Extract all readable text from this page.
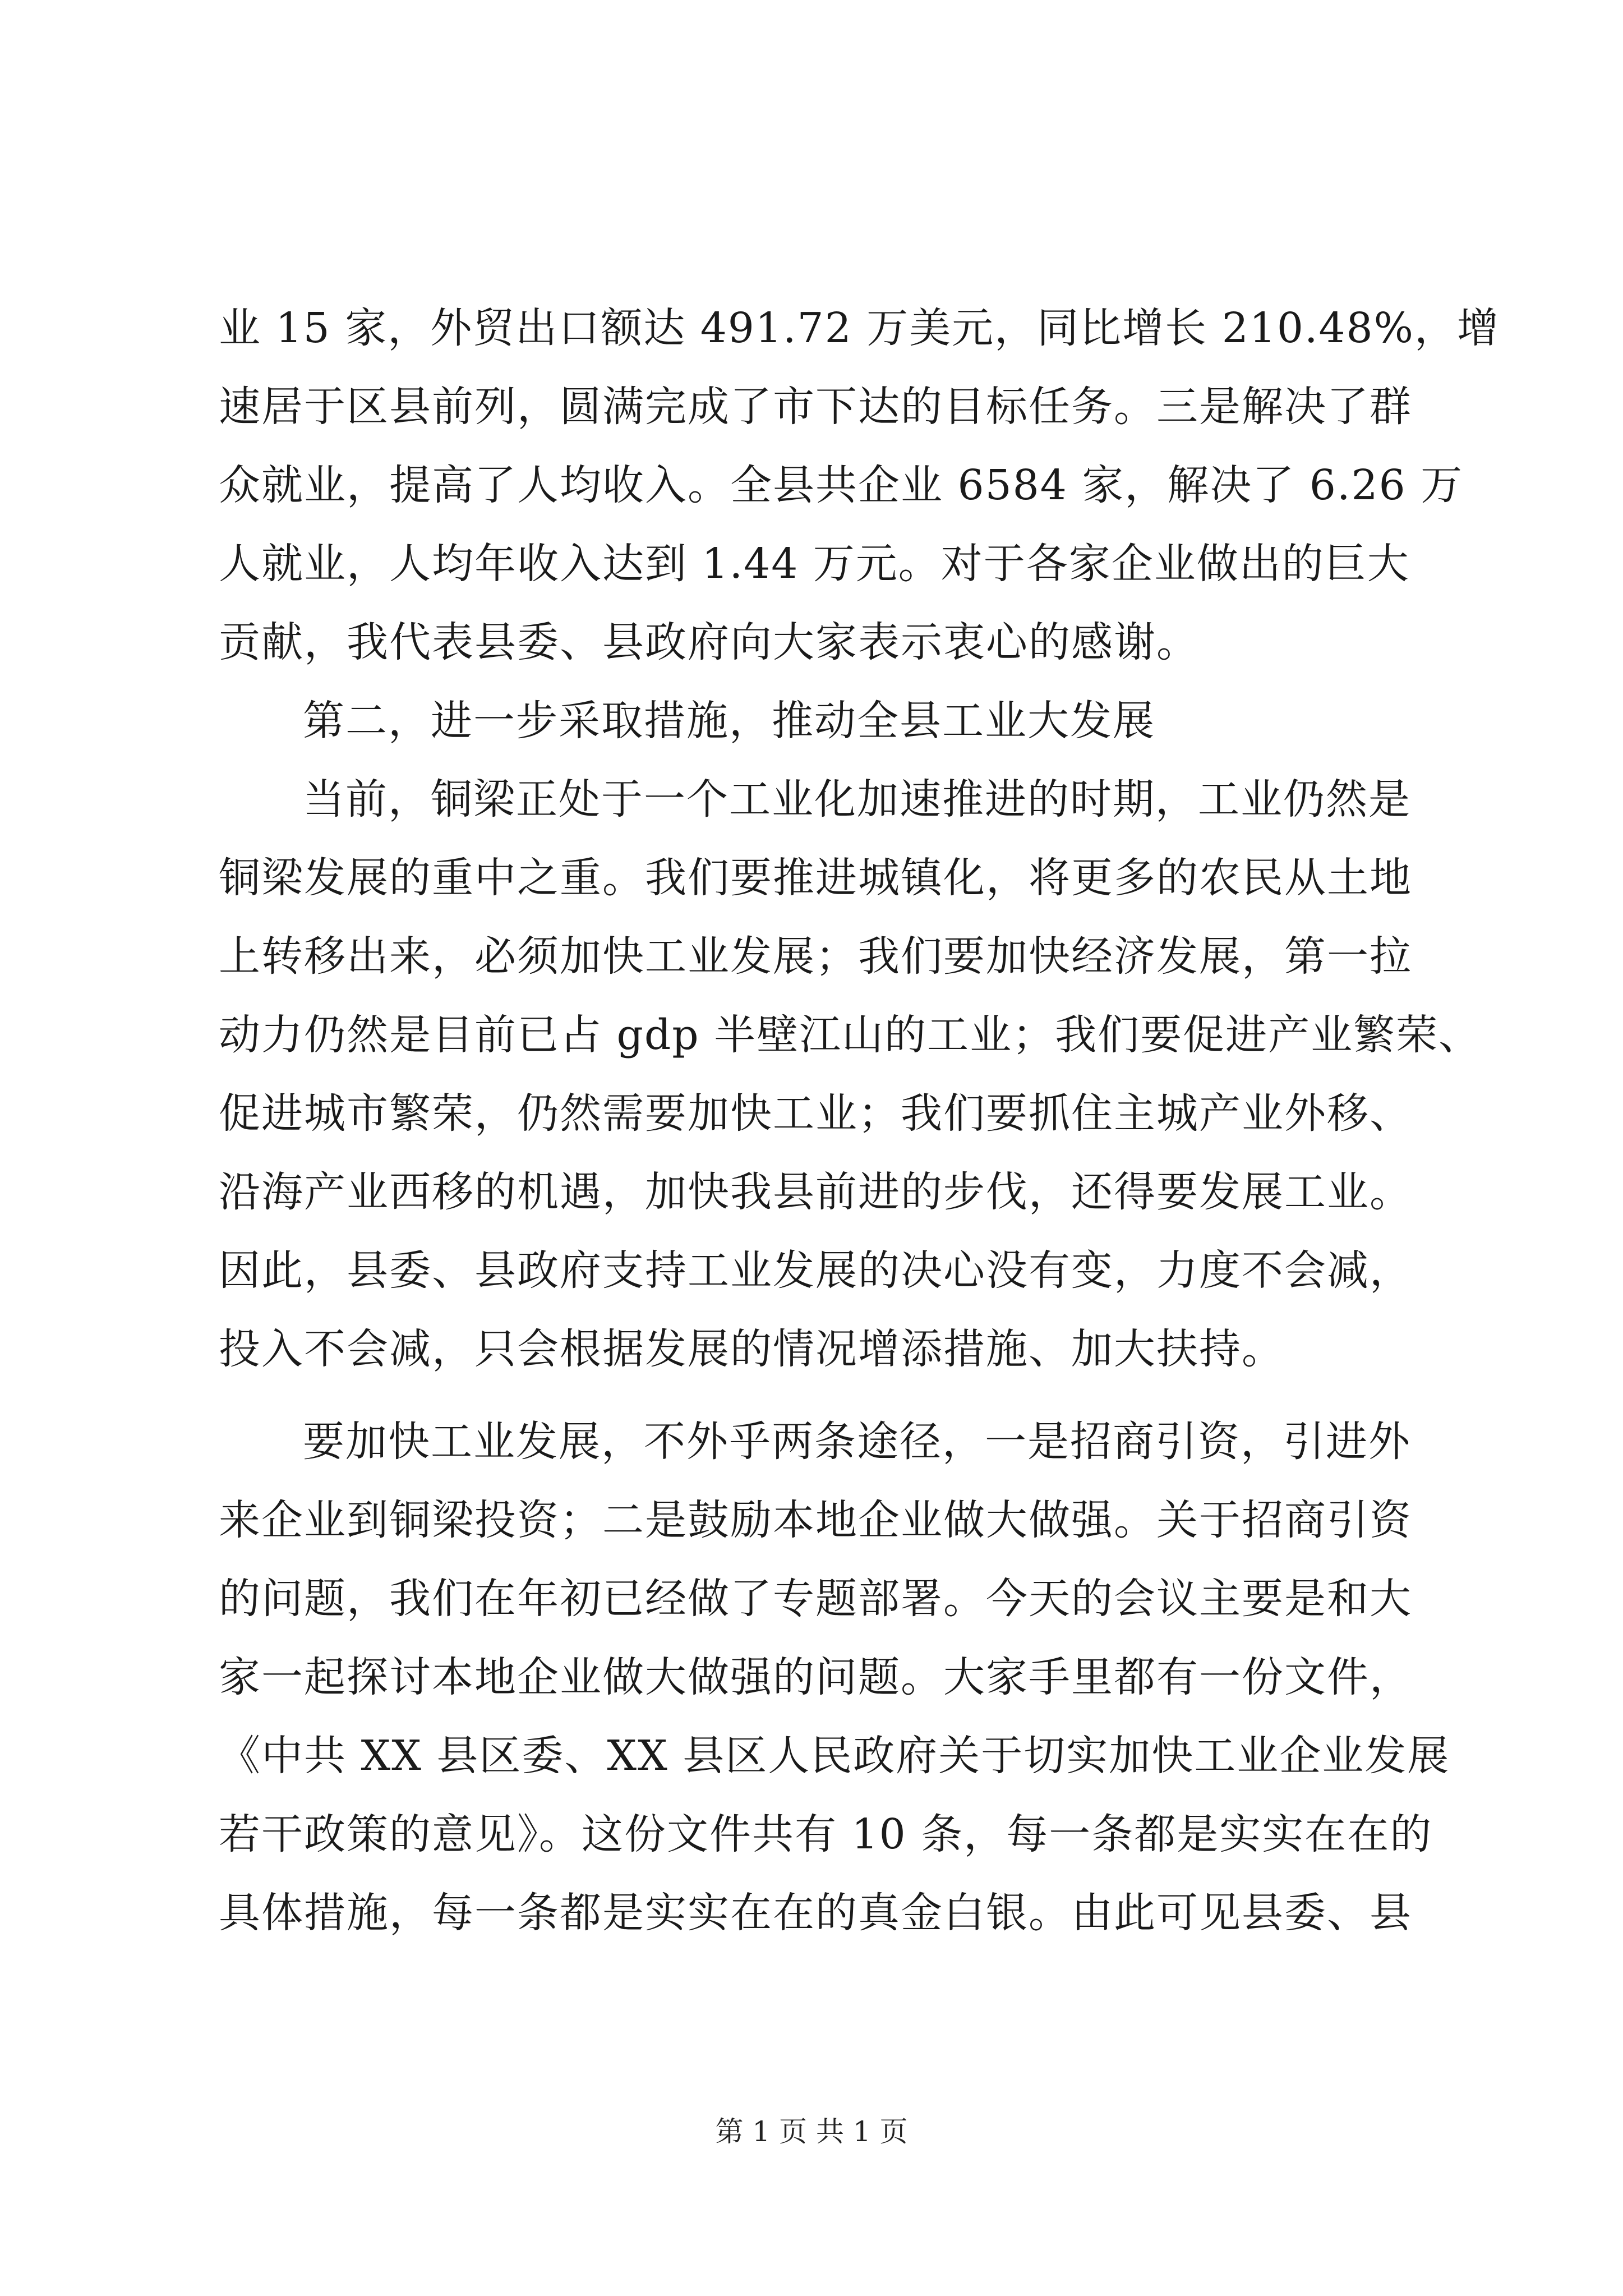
业 15 家，外贸出口额达 491.72 万美元，同比增长 210.48%，增
速居于区县前列，圆满完成了市下达的目标任务。三是解决了群
众就业，提高了人均收入。全县共企业 6584 家，解决了 6.26 万
人就业，人均年收入达到 1.44 万元。对于各家企业做出的巨大
贡献，我代表县委、县政府向大家表示衷心的感谢。
第二，进一步采取措施，推动全县工业大发展
当前，铜梁正处于一个工业化加速推进的时期，工业仍然是
铜梁发展的重中之重。我们要推进城镇化，将更多的农民从土地
上转移出来，必须加快工业发展；我们要加快经济发展，第一拉
动力仍然是目前已占 gdp 半壁江山的工业；我们要促进产业繁荣、
促进城市繁荣，仍然需要加快工业；我们要抓住主城产业外移、
沿海产业西移的机遇，加快我县前进的步伐，还得要发展工业。
因此，县委、县政府支持工业发展的决心没有变，力度不会减，
投入不会减，只会根据发展的情况增添措施、加大扶持。
要加快工业发展，不外乎两条途径，一是招商引资，引进外
来企业到铜梁投资；二是鼓励本地企业做大做强。关于招商引资
的问题，我们在年初已经做了专题部署。今天的会议主要是和大
家一起探讨本地企业做大做强的问题。大家手里都有一份文件，
《中共 XX 县区委、XX 县区人民政府关于切实加快工业企业发展
若干政策的意见》。这份文件共有 10 条，每一条都是实实在在的
具体措施，每一条都是实实在在的真金白银。由此可见县委、县
第 1 页 共 1 页
